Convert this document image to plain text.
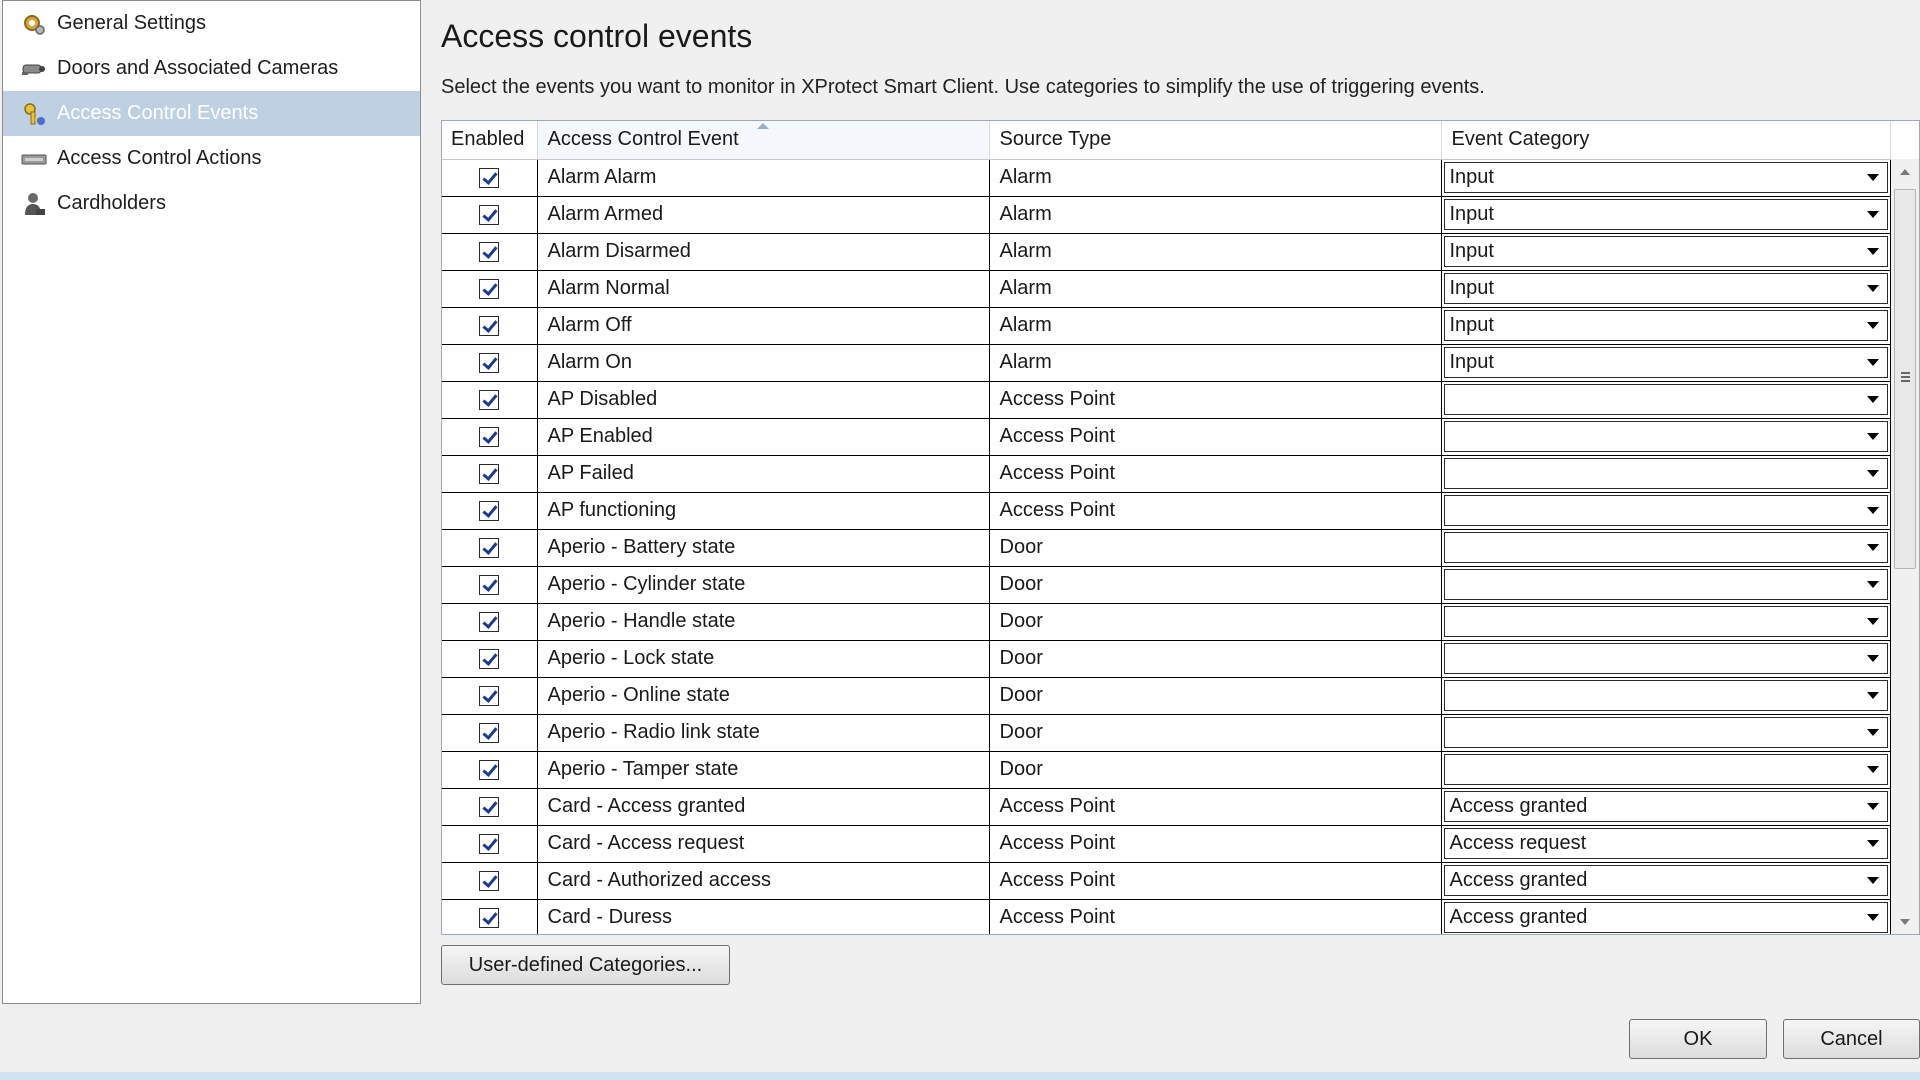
General Settings
Doors and Associated Cameras
Access Control Events
Access Control Actions
Cardholders
Access control events
Select the events you want to monitor in XProtect Smart Client. Use categories to simplify the use of triggering events.
Enabled	Access Control Event	Source Type	Event Category
	Alarm Alarm	Alarm	Input

	Alarm Armed	Alarm	Input

	Alarm Disarmed	Alarm	Input

	Alarm Normal	Alarm	Input

	Alarm Off	Alarm	Input

	Alarm On	Alarm	Input

	AP Disabled	Access Point	

	AP Enabled	Access Point	

	AP Failed	Access Point	

	AP functioning	Access Point	

	Aperio - Battery state	Door	

	Aperio - Cylinder state	Door	

	Aperio - Handle state	Door	

	Aperio - Lock state	Door	

	Aperio - Online state	Door	

	Aperio - Radio link state	Door	

	Aperio - Tamper state	Door	

	Card - Access granted	Access Point	Access granted

	Card - Access request	Access Point	Access request

	Card - Authorized access	Access Point	Access granted

	Card - Duress	Access Point	Access granted
User-defined Categories...
OK	Cancel
